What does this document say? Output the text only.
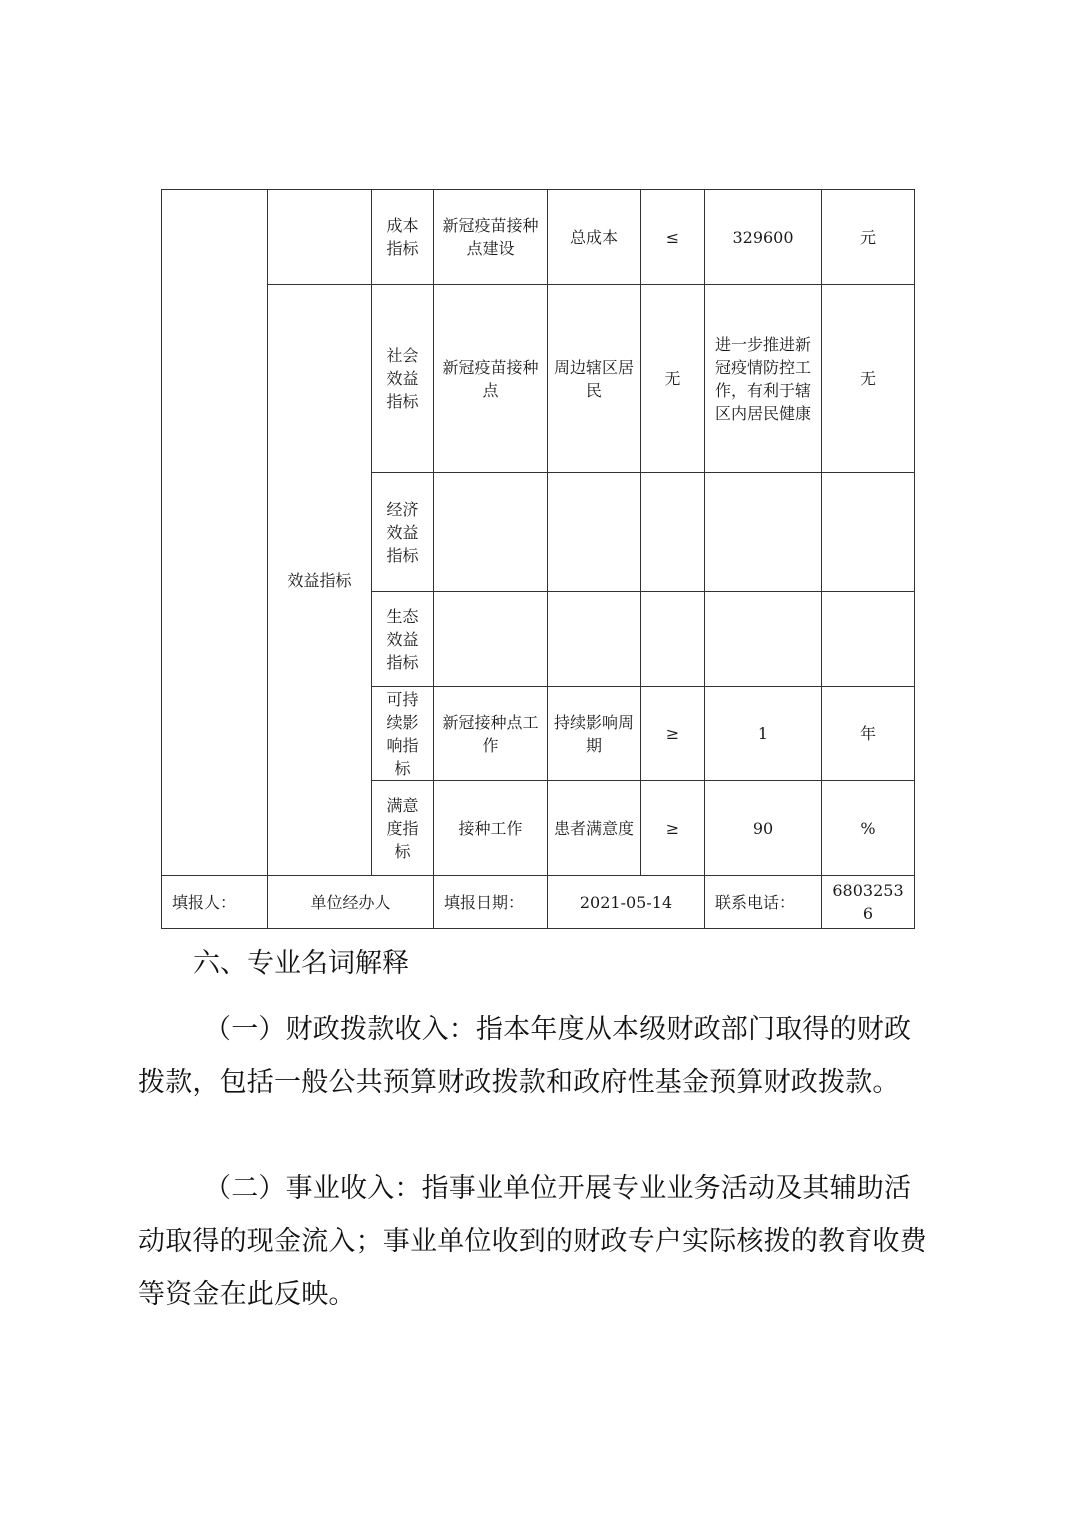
		成本指标	新冠疫苗接种点建设	总成本	≤	329600	元
	效益指标	社会效益指标	新冠疫苗接种点	周边辖区居民	无	进一步推进新冠疫情防控工作，有利于辖区内居民健康	无
		经济效益指标					
		生态效益指标					
		可持续影响指标	新冠接种点工作	持续影响周期	≥	1	年
		满意度指标	接种工作	患者满意度	≥	90	%

填报人：	单位经办人		填报日期：	2021-05-14		联系电话：	68032536
六、专业名词解释

（一）财政拨款收入：指本年度从本级财政部门取得的财政拨款，包括一般公共预算财政拨款和政府性基金预算财政拨款。

（二）事业收入：指事业单位开展专业业务活动及其辅助活动取得的现金流入；事业单位收到的财政专户实际核拨的教育收费等资金在此反映。
